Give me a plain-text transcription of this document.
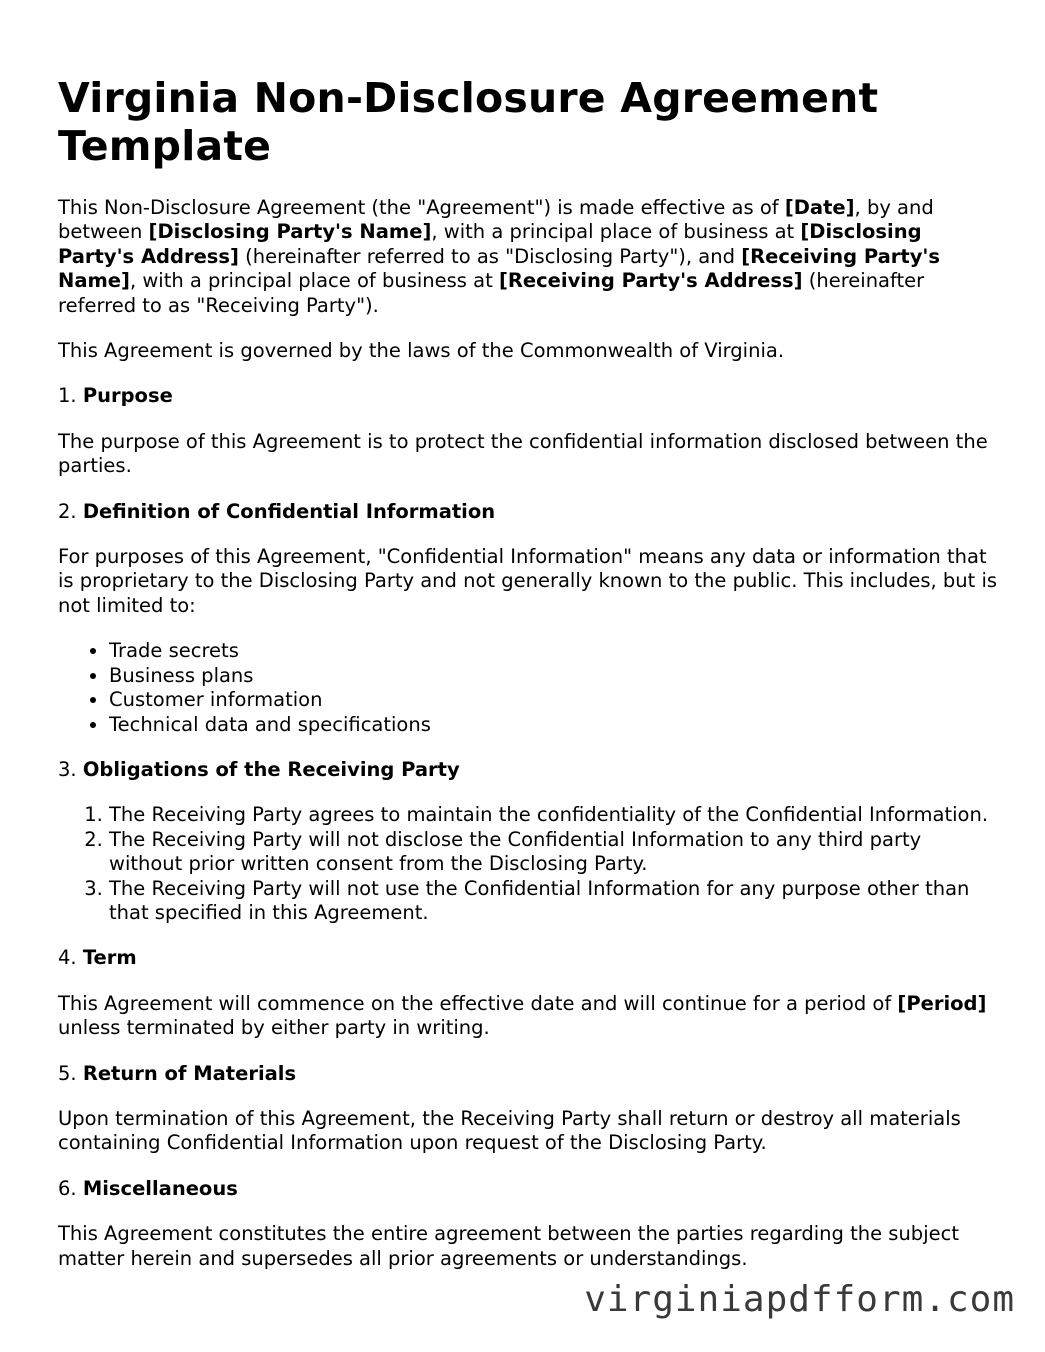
Virginia Non-Disclosure Agreement Template

This Non-Disclosure Agreement (the "Agreement") is made effective as of [Date], by and between [Disclosing Party's Name], with a principal place of business at [Disclosing Party's Address] (hereinafter referred to as "Disclosing Party"), and [Receiving Party's Name], with a principal place of business at [Receiving Party's Address] (hereinafter referred to as "Receiving Party").

This Agreement is governed by the laws of the Commonwealth of Virginia.

1. Purpose

The purpose of this Agreement is to protect the confidential information disclosed between the parties.

2. Definition of Confidential Information

For purposes of this Agreement, "Confidential Information" means any data or information that is proprietary to the Disclosing Party and not generally known to the public. This includes, but is not limited to:

• Trade secrets
• Business plans
• Customer information
• Technical data and specifications
3. Obligations of the Receiving Party
1. The Receiving Party agrees to maintain the confidentiality of the Confidential Information.
2. The Receiving Party will not disclose the Confidential Information to any third party without prior written consent from the Disclosing Party.
3. The Receiving Party will not use the Confidential Information for any purpose other than that specified in this Agreement.
4. Term

This Agreement will commence on the effective date and will continue for a period of [Period] unless terminated by either party in writing.

5. Return of Materials

Upon termination of this Agreement, the Receiving Party shall return or destroy all materials containing Confidential Information upon request of the Disclosing Party.

6. Miscellaneous

This Agreement constitutes the entire agreement between the parties regarding the subject matter herein and supersedes all prior agreements or understandings.

virginiapdfform.com
